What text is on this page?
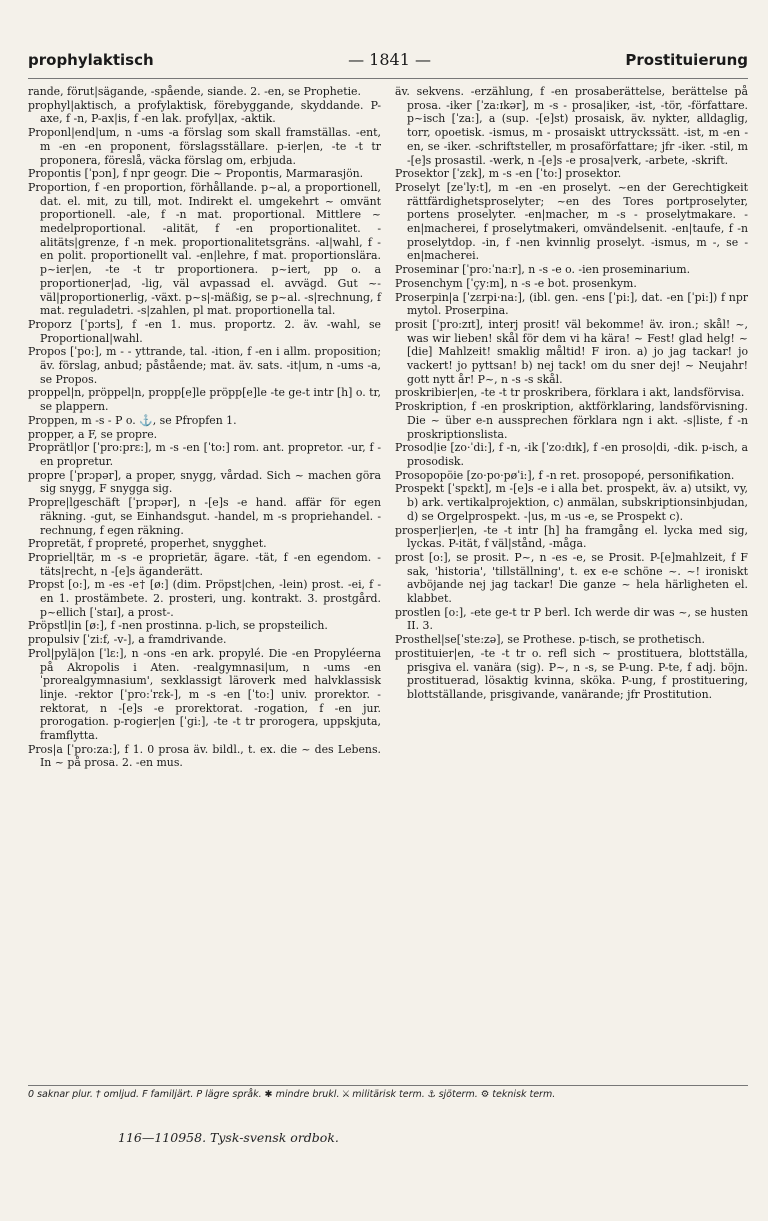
prophylaktisch	— 1841 —	Prostituierung

rande, förut|sägande, -spående, siande. 2. -en, se Prophetie.

prophyl|aktisch, a profylaktisk, förebyggande, skyddande. P-axe, f -n, P-ax|is, f -en lak. profyl|ax, -aktik.

Proponl|end|um, n -ums -a förslag som skall framställas. -ent, m -en -en proponent, förslagsställare. p-ier|en, -te -t tr proponera, föreslå, väcka förslag om, erbjuda.

Propontis [ˈpɔn], f npr geogr. Die ~ Propontis, Marmarasjön.

Proportion, f -en proportion, förhållande. p~al, a proportionell, dat. el. mit, zu till, mot. Indirekt el. umgekehrt ~ omvänt proportionell. -ale, f -n mat. proportional. Mittlere ~ medelproportional. -alität, f -en proportionalitet. -alitäts|grenze, f -n mek. proportionalitetsgräns. -al|wahl, f -en polit. proportionellt val. -en|lehre, f mat. proportionslära. p~ier|en, -te -t tr proportionera. p~iert, pp o. a proportioner|ad, -lig, väl avpassad el. avvägd. Gut ~-väl|proportionerlig, -växt. p~s|-mäßig, se p~al. -s|rechnung, f mat. reguladetri. -s|zahlen, pl mat. proportionella tal.

Proporz [ˈpɔrts], f -en 1. mus. proportz. 2. äv. -wahl, se Proportional|wahl.

Propos [ˈpo:], m - - yttrande, tal. -ition, f -en i allm. proposition; äv. förslag, anbud; påstående; mat. äv. sats. -it|um, n -ums -a, se Propos.

proppel|n, pröppel|n, propp[e]le pröpp[e]le -te ge-t intr [h] o. tr, se plappern.

Proppen, m -s - P o. ⚓, se Pfropfen 1.

propper, a F, se propre.

Proprätl|or [ˈpro:prɛ:], m -s -en [ˈto:] rom. ant. propretor. -ur, f -en propretur.

propre [ˈprɔpər], a proper, snygg, vårdad. Sich ~ machen göra sig snygg, F snygga sig.

Propre|lgeschäft [ˈprɔpər], n -[e]s -e hand. affär för egen räkning. -gut, se Einhandsgut. -handel, m -s propriehandel. -rechnung, f egen räkning.

Propretät, f propreté, properhet, snygghet.

Propriel|tär, m -s -e proprietär, ägare. -tät, f -en egendom. -täts|recht, n -[e]s äganderätt.

Propst [o:], m -es -e† [ø:] (dim. Pröpst|chen, -lein) prost. -ei, f -en 1. prostämbete. 2. prosteri, ung. kontrakt. 3. prostgård. p~ellich [ˈstaɪ], a prost-.

Pröpstl|in [ø:], f -nen prostinna. p-lich, se propsteilich.

propulsiv [ˈzi:f, -v-], a framdrivande.

Prol|pylä|on [ˈlɛ:], n -ons -en ark. propylé. Die -en Propyléerna på Akropolis i Aten. -realgymnasi|um, n -ums -en ˈprorealgymnasium', sexklassigt läroverk med halvklassisk linje. -rektor [ˈpro:ˈrɛk-], m -s -en [ˈto:] univ. prorektor. -rektorat, n -[e]s -e prorektorat. -rogation, f -en jur. prorogation. p-rogier|en [ˈgi:], -te -t tr prorogera, uppskjuta, framflytta.

Pros|a [ˈpro:za:], f 1. 0 prosa äv. bildl., t. ex. die ~ des Lebens. In ~ på prosa. 2. -en mus.

äv. sekvens. -erzählung, f -en prosaberättelse, berättelse på prosa. -iker [ˈza:ɪkər], m -s - prosa|iker, -ist, -tör, -författare. p~isch [ˈza:], a (sup. -[e]st) prosaisk, äv. nykter, alldaglig, torr, opoetisk. -ismus, m - prosaiskt uttryckssätt. -ist, m -en -en, se -iker. -schriftsteller, m prosaförfattare; jfr -iker. -stil, m -[e]s prosastil. -werk, n -[e]s -e prosa|verk, -arbete, -skrift.

Prosektor [ˈzɛk], m -s -en [ˈto:] prosektor.

Proselyt [zeˈly:t], m -en -en proselyt. ~en der Gerechtigkeit rättfärdighetsproselyter; ~en des Tores portproselyter, portens proselyter. -en|macher, m -s - proselytmakare. -en|macherei, f proselytmakeri, omvändelsenit. -en|taufe, f -n proselytdop. -in, f -nen kvinnlig proselyt. -ismus, m -, se -en|macherei.

Proseminar [ˈpro:ˈna:r], n -s -e o. -ien proseminarium.

Prosenchym [ˈçy:m], n -s -e bot. prosenkym.

Proserpin|a [ˈzɛrpi·na:], (ibl. gen. -ens [ˈpi:], dat. -en [ˈpi:]) f npr mytol. Proserpina.

prosit [ˈpro:zɪt], interj prosit! väl bekomme! äv. iron.; skål! ~, was wir lieben! skål för dem vi ha kära! ~ Fest! glad helg! ~ [die] Mahlzeit! smaklig måltid! F iron. a) jo jag tackar! jo vackert! jo pyttsan! b) nej tack! om du sner dej! ~ Neujahr! gott nytt år! P~, n -s -s skål.

proskribier|en, -te -t tr proskribera, förklara i akt, landsförvisa.

Proskription, f -en proskription, aktförklaring, landsförvisning. Die ~ über e-n aussprechen förklara ngn i akt. -s|liste, f -n proskriptionslista.

Prosod|ie [zo·ˈdi:], f -n, -ik [ˈzo:dɪk], f -en proso|di, -dik. p-isch, a prosodisk.

Prosopopöie [zo·po·pøˈi:], f -n ret. prosopopé, personifikation.

Prospekt [ˈspɛkt], m -[e]s -e i alla bet. prospekt, äv. a) utsikt, vy, b) ark. vertikalprojektion, c) anmälan, subskriptionsinbjudan, d) se Orgelprospekt. -|us, m -us -e, se Prospekt c).

prosper|ier|en, -te -t intr [h] ha framgång el. lycka med sig, lyckas. P-ität, f väl|stånd, -måga.

prost [o:], se prosit. P~, n -es -e, se Prosit. P-[e]mahlzeit, f F sak, 'historia', 'tillställning', t. ex e-e schöne ~. ~! ironiskt avböjande nej jag tackar! Die ganze ~ hela härligheten el. klabbet.

prostlen [o:], -ete ge-t tr P berl. Ich werde dir was ~, se husten II. 3.

Prosthel|se[ˈste:zə], se Prothese. p-tisch, se prothetisch.

prostituier|en, -te -t tr o. refl sich ~ prostituera, blottställa, prisgiva el. vanära (sig). P~, n -s, se P-ung. P-te, f adj. böjn. prostituerad, lösaktig kvinna, sköka. P-ung, f prostituering, blottställande, prisgivande, vanärande; jfr Prostitution.

0 saknar plur. † omljud. F familjärt. P lägre språk. ✱ mindre brukl. ⚔ militärisk term. ⚓ sjöterm. ⚙ teknisk term.
116—110958. Tysk-svensk ordbok.
